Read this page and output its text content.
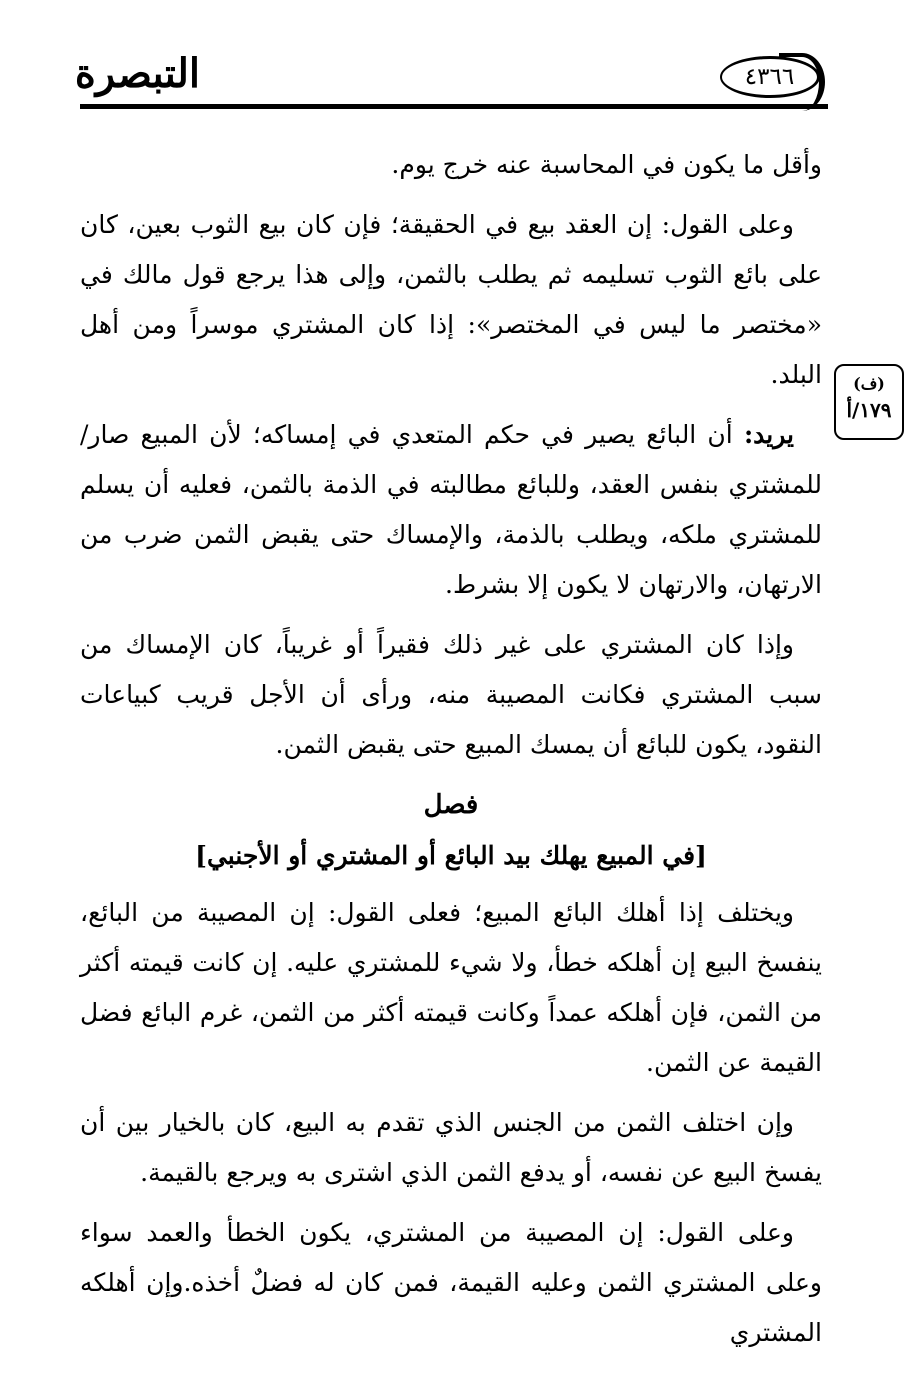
التبصرة	٤٣٦٦
(ف)
١٧٩/أ

وأقل ما يكون في المحاسبة عنه خرج يوم.

وعلى القول: إن العقد بيع في الحقيقة؛ فإن كان بيع الثوب بعين، كان على بائع الثوب تسليمه ثم يطلب بالثمن، وإلى هذا يرجع قول مالك في «مختصر ما ليس في المختصر»: إذا كان المشتري موسراً ومن أهل البلد.

يريد: أن البائع يصير في حكم المتعدي في إمساكه؛ لأن المبيع صار/ للمشتري بنفس العقد، وللبائع مطالبته في الذمة بالثمن، فعليه أن يسلم للمشتري ملكه، ويطلب بالذمة، والإمساك حتى يقبض الثمن ضرب من الارتهان، والارتهان لا يكون إلا بشرط.

وإذا كان المشتري على غير ذلك فقيراً أو غريباً، كان الإمساك من سبب المشتري فكانت المصيبة منه، ورأى أن الأجل قريب كبياعات النقود، يكون للبائع أن يمسك المبيع حتى يقبض الثمن.

فصل

[في المبيع يهلك بيد البائع أو المشتري أو الأجنبي]

ويختلف إذا أهلك البائع المبيع؛ فعلى القول: إن المصيبة من البائع، ينفسخ البيع إن أهلكه خطأ، ولا شيء للمشتري عليه. إن كانت قيمته أكثر من الثمن، فإن أهلكه عمداً وكانت قيمته أكثر من الثمن، غرم البائع فضل القيمة عن الثمن.

وإن اختلف الثمن من الجنس الذي تقدم به البيع، كان بالخيار بين أن يفسخ البيع عن نفسه، أو يدفع الثمن الذي اشترى به ويرجع بالقيمة.

وعلى القول: إن المصيبة من المشتري، يكون الخطأ والعمد سواء وعلى المشتري الثمن وعليه القيمة، فمن كان له فضلٌ أخذه.وإن أهلكه المشتري
